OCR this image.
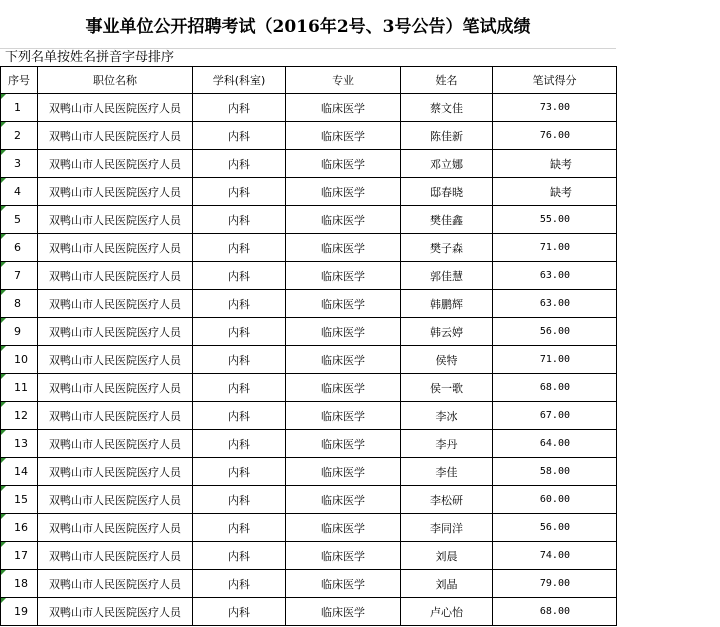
事业单位公开招聘考试（2016年2号、3号公告）笔试成绩
下列名单按姓名拼音字母排序
序号	职位名称	学科(科室)	专业	姓名	笔试得分

1	双鸭山市人民医院医疗人员	内科	临床医学	蔡文佳	73.00

2	双鸭山市人民医院医疗人员	内科	临床医学	陈佳新	76.00

3	双鸭山市人民医院医疗人员	内科	临床医学	邓立娜	缺考

4	双鸭山市人民医院医疗人员	内科	临床医学	邸春晓	缺考

5	双鸭山市人民医院医疗人员	内科	临床医学	樊佳鑫	55.00

6	双鸭山市人民医院医疗人员	内科	临床医学	樊子森	71.00

7	双鸭山市人民医院医疗人员	内科	临床医学	郭佳慧	63.00

8	双鸭山市人民医院医疗人员	内科	临床医学	韩鹏辉	63.00

9	双鸭山市人民医院医疗人员	内科	临床医学	韩云婷	56.00

10	双鸭山市人民医院医疗人员	内科	临床医学	侯特	71.00

11	双鸭山市人民医院医疗人员	内科	临床医学	侯一歌	68.00

12	双鸭山市人民医院医疗人员	内科	临床医学	李冰	67.00

13	双鸭山市人民医院医疗人员	内科	临床医学	李丹	64.00

14	双鸭山市人民医院医疗人员	内科	临床医学	李佳	58.00

15	双鸭山市人民医院医疗人员	内科	临床医学	李松研	60.00

16	双鸭山市人民医院医疗人员	内科	临床医学	李同洋	56.00

17	双鸭山市人民医院医疗人员	内科	临床医学	刘晨	74.00

18	双鸭山市人民医院医疗人员	内科	临床医学	刘晶	79.00

19	双鸭山市人民医院医疗人员	内科	临床医学	卢心怡	68.00
